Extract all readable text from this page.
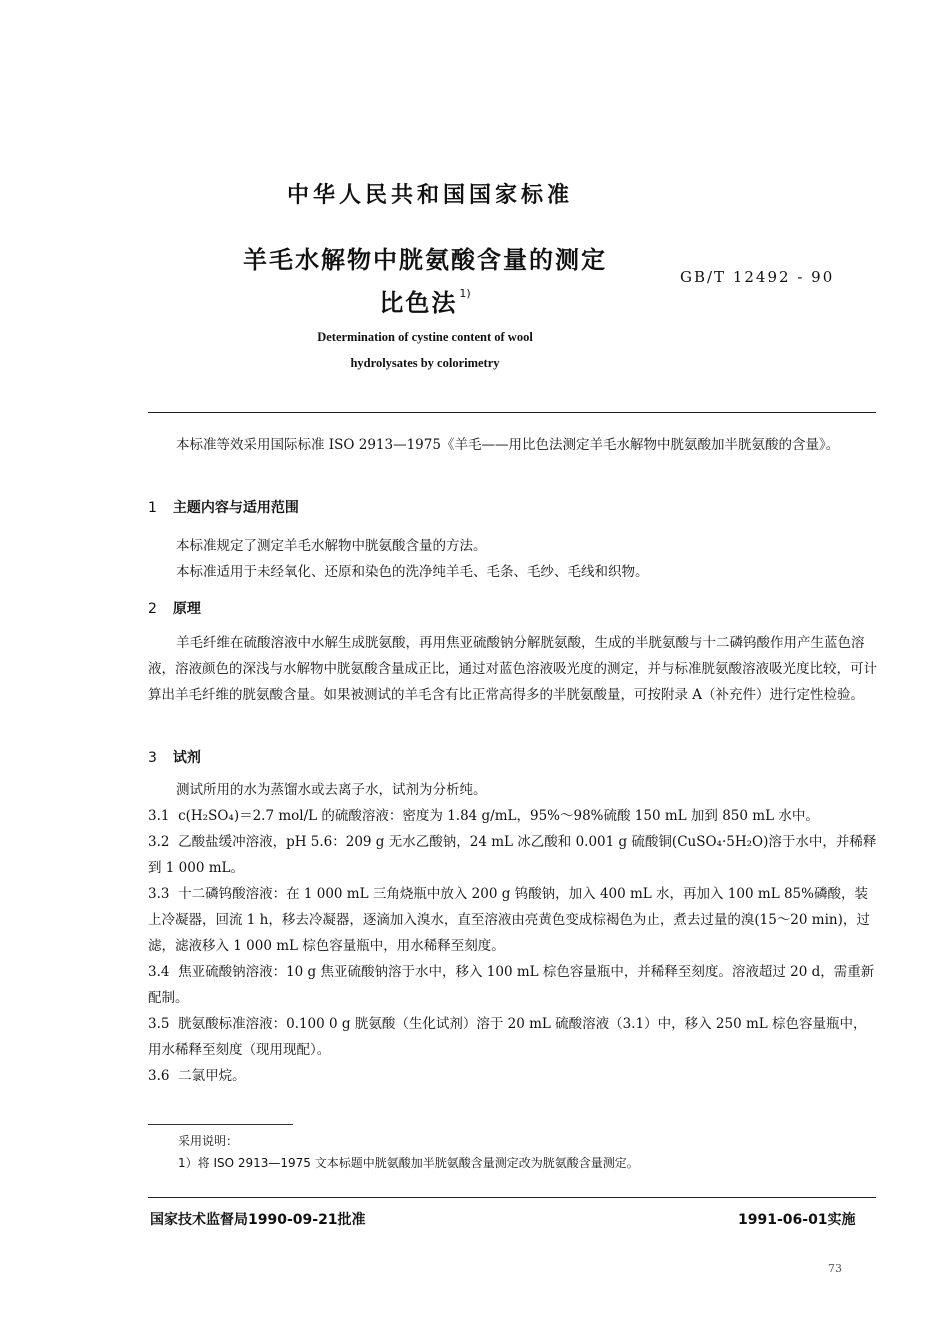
中华人民共和国国家标准
羊毛水解物中胱氨酸含量的测定
比色法 $^{1)}$
GB/T 12492 - 90
Determination of cystine content of wool
hydrolysates by colorimetry
本标准等效采用国际标准 ISO 2913—1975《羊毛——用比色法测定羊毛水解物中胱氨酸加半胱氨酸的含量》。
1 主题内容与适用范围
本标准规定了测定羊毛水解物中胱氨酸含量的方法。
本标准适用于未经氧化、还原和染色的洗净纯羊毛、毛条、毛纱、毛线和织物。
2 原理
羊毛纤维在硫酸溶液中水解生成胱氨酸，再用焦亚硫酸钠分解胱氨酸，生成的半胱氨酸与十二磷钨酸作用产生蓝色溶液，溶液颜色的深浅与水解物中胱氨酸含量成正比，通过对蓝色溶液吸光度的测定，并与标准胱氨酸溶液吸光度比较，可计算出羊毛纤维的胱氨酸含量。如果被测试的羊毛含有比正常高得多的半胱氨酸量，可按附录 A（补充件）进行定性检验。
3 试剂
测试所用的水为蒸馏水或去离子水，试剂为分析纯。
3.1 c(H₂SO₄)＝2.7 mol/L 的硫酸溶液：密度为 1.84 g/mL，95%～98%硫酸 150 mL 加到 850 mL 水中。
3.2 乙酸盐缓冲溶液，pH 5.6：209 g 无水乙酸钠，24 mL 冰乙酸和 0.001 g 硫酸铜(CuSO₄·5H₂O)溶于水中，并稀释到 1 000 mL。
3.3 十二磷钨酸溶液：在 1 000 mL 三角烧瓶中放入 200 g 钨酸钠，加入 400 mL 水，再加入 100 mL 85%磷酸，装上冷凝器，回流 1 h，移去冷凝器，逐滴加入溴水，直至溶液由亮黄色变成棕褐色为止，煮去过量的溴(15～20 min)，过滤，滤液移入 1 000 mL 棕色容量瓶中，用水稀释至刻度。
3.4 焦亚硫酸钠溶液：10 g 焦亚硫酸钠溶于水中，移入 100 mL 棕色容量瓶中，并稀释至刻度。溶液超过 20 d，需重新配制。
3.5 胱氨酸标准溶液：0.100 0 g 胱氨酸（生化试剂）溶于 20 mL 硫酸溶液（3.1）中，移入 250 mL 棕色容量瓶中，用水稀释至刻度（现用现配）。
3.6 二氯甲烷。
采用说明：
1）将 ISO 2913—1975 文本标题中胱氨酸加半胱氨酸含量测定改为胱氨酸含量测定。
国家技术监督局1990-09-21批准	1991-06-01实施
73
